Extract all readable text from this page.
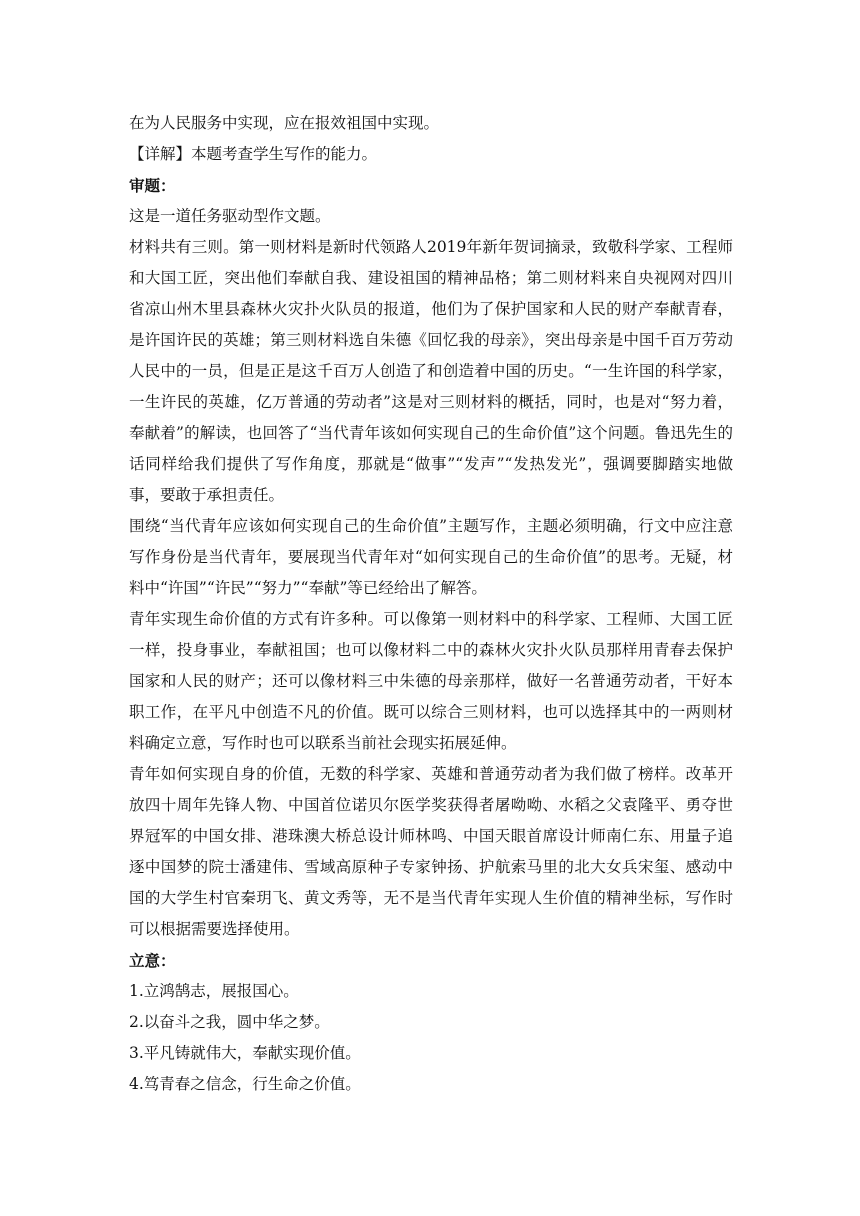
在为人民服务中实现，应在报效祖国中实现。

【详解】本题考查学生写作的能力。

审题：

这是一道任务驱动型作文题。

材料共有三则。第一则材料是新时代领路人2019年新年贺词摘录，致敬科学家、工程师和大国工匠，突出他们奉献自我、建设祖国的精神品格；第二则材料来自央视网对四川省凉山州木里县森林火灾扑火队员的报道，他们为了保护国家和人民的财产奉献青春，是许国许民的英雄；第三则材料选自朱德《回忆我的母亲》，突出母亲是中国千百万劳动人民中的一员，但是正是这千百万人创造了和创造着中国的历史。“一生许国的科学家，一生许民的英雄，亿万普通的劳动者”这是对三则材料的概括，同时，也是对“努力着，奉献着”的解读，也回答了“当代青年该如何实现自己的生命价值”这个问题。鲁迅先生的话同样给我们提供了写作角度，那就是“做事”“发声”“发热发光”，强调要脚踏实地做事，要敢于承担责任。

围绕“当代青年应该如何实现自己的生命价值”主题写作，主题必须明确，行文中应注意写作身份是当代青年，要展现当代青年对“如何实现自己的生命价值”的思考。无疑，材料中“许国”“许民”“努力”“奉献”等已经给出了解答。

青年实现生命价值的方式有许多种。可以像第一则材料中的科学家、工程师、大国工匠一样，投身事业，奉献祖国；也可以像材料二中的森林火灾扑火队员那样用青春去保护国家和人民的财产；还可以像材料三中朱德的母亲那样，做好一名普通劳动者，干好本职工作，在平凡中创造不凡的价值。既可以综合三则材料，也可以选择其中的一两则材料确定立意，写作时也可以联系当前社会现实拓展延伸。

青年如何实现自身的价值，无数的科学家、英雄和普通劳动者为我们做了榜样。改革开放四十周年先锋人物、中国首位诺贝尔医学奖获得者屠呦呦、水稻之父袁隆平、勇夺世界冠军的中国女排、港珠澳大桥总设计师林鸣、中国天眼首席设计师南仁东、用量子追逐中国梦的院士潘建伟、雪域高原种子专家钟扬、护航索马里的北大女兵宋玺、感动中国的大学生村官秦玥飞、黄文秀等，无不是当代青年实现人生价值的精神坐标，写作时可以根据需要选择使用。

立意：

1.立鸿鹄志，展报国心。

2.以奋斗之我，圆中华之梦。

3.平凡铸就伟大，奉献实现价值。

4.笃青春之信念，行生命之价值。
